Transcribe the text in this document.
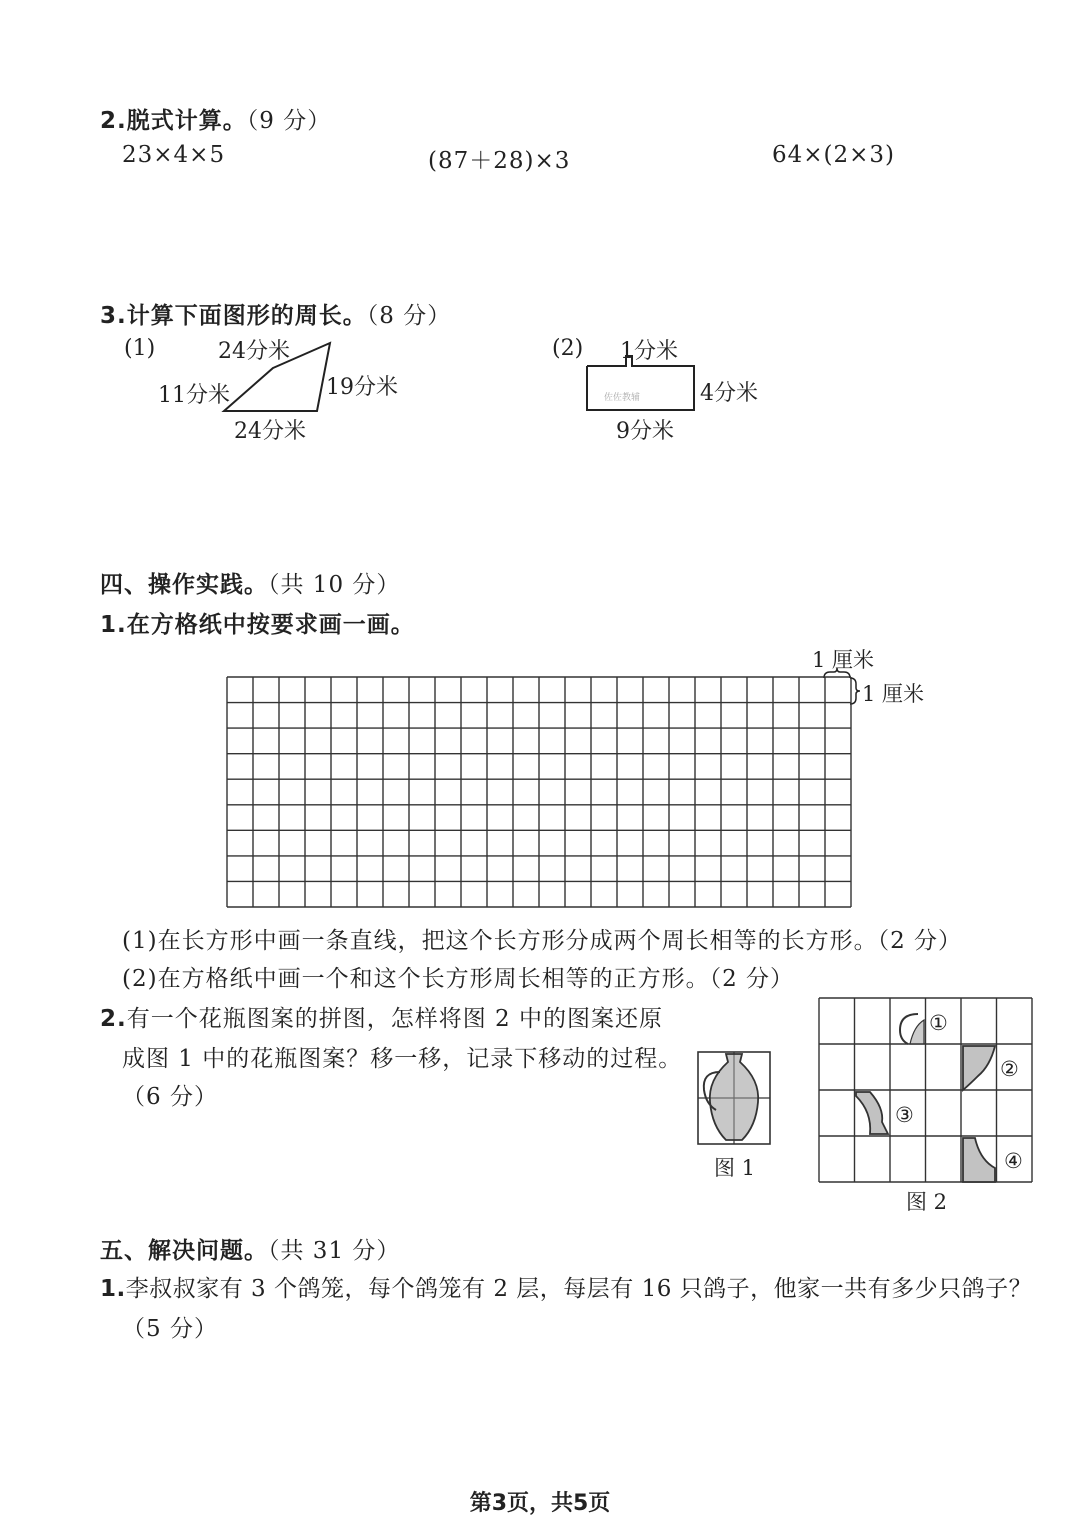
2.脱式计算。（9 分）
23×4×5	(87＋28)×3	64×(2×3)
3.计算下面图形的周长。（8 分）
(1)	24分米
11分米	19分米
24分米
(2) 1分米
4分米
9分米
佐佐教辅
四、操作实践。（共 10 分）
1.在方格纸中按要求画一画。
1 厘米
1 厘米
(1)在长方形中画一条直线，把这个长方形分成两个周长相等的长方形。（2 分）
(2)在方格纸中画一个和这个长方形周长相等的正方形。（2 分）
2.有一个花瓶图案的拼图，怎样将图 2 中的图案还原
成图 1 中的花瓶图案？移一移，记录下移动的过程。
（6 分）
图 1
①
②
③
④
图 2
五、解决问题。（共 31 分）
1.李叔叔家有 3 个鸽笼，每个鸽笼有 2 层，每层有 16 只鸽子，他家一共有多少只鸽子？
（5 分）
第3页，共5页
